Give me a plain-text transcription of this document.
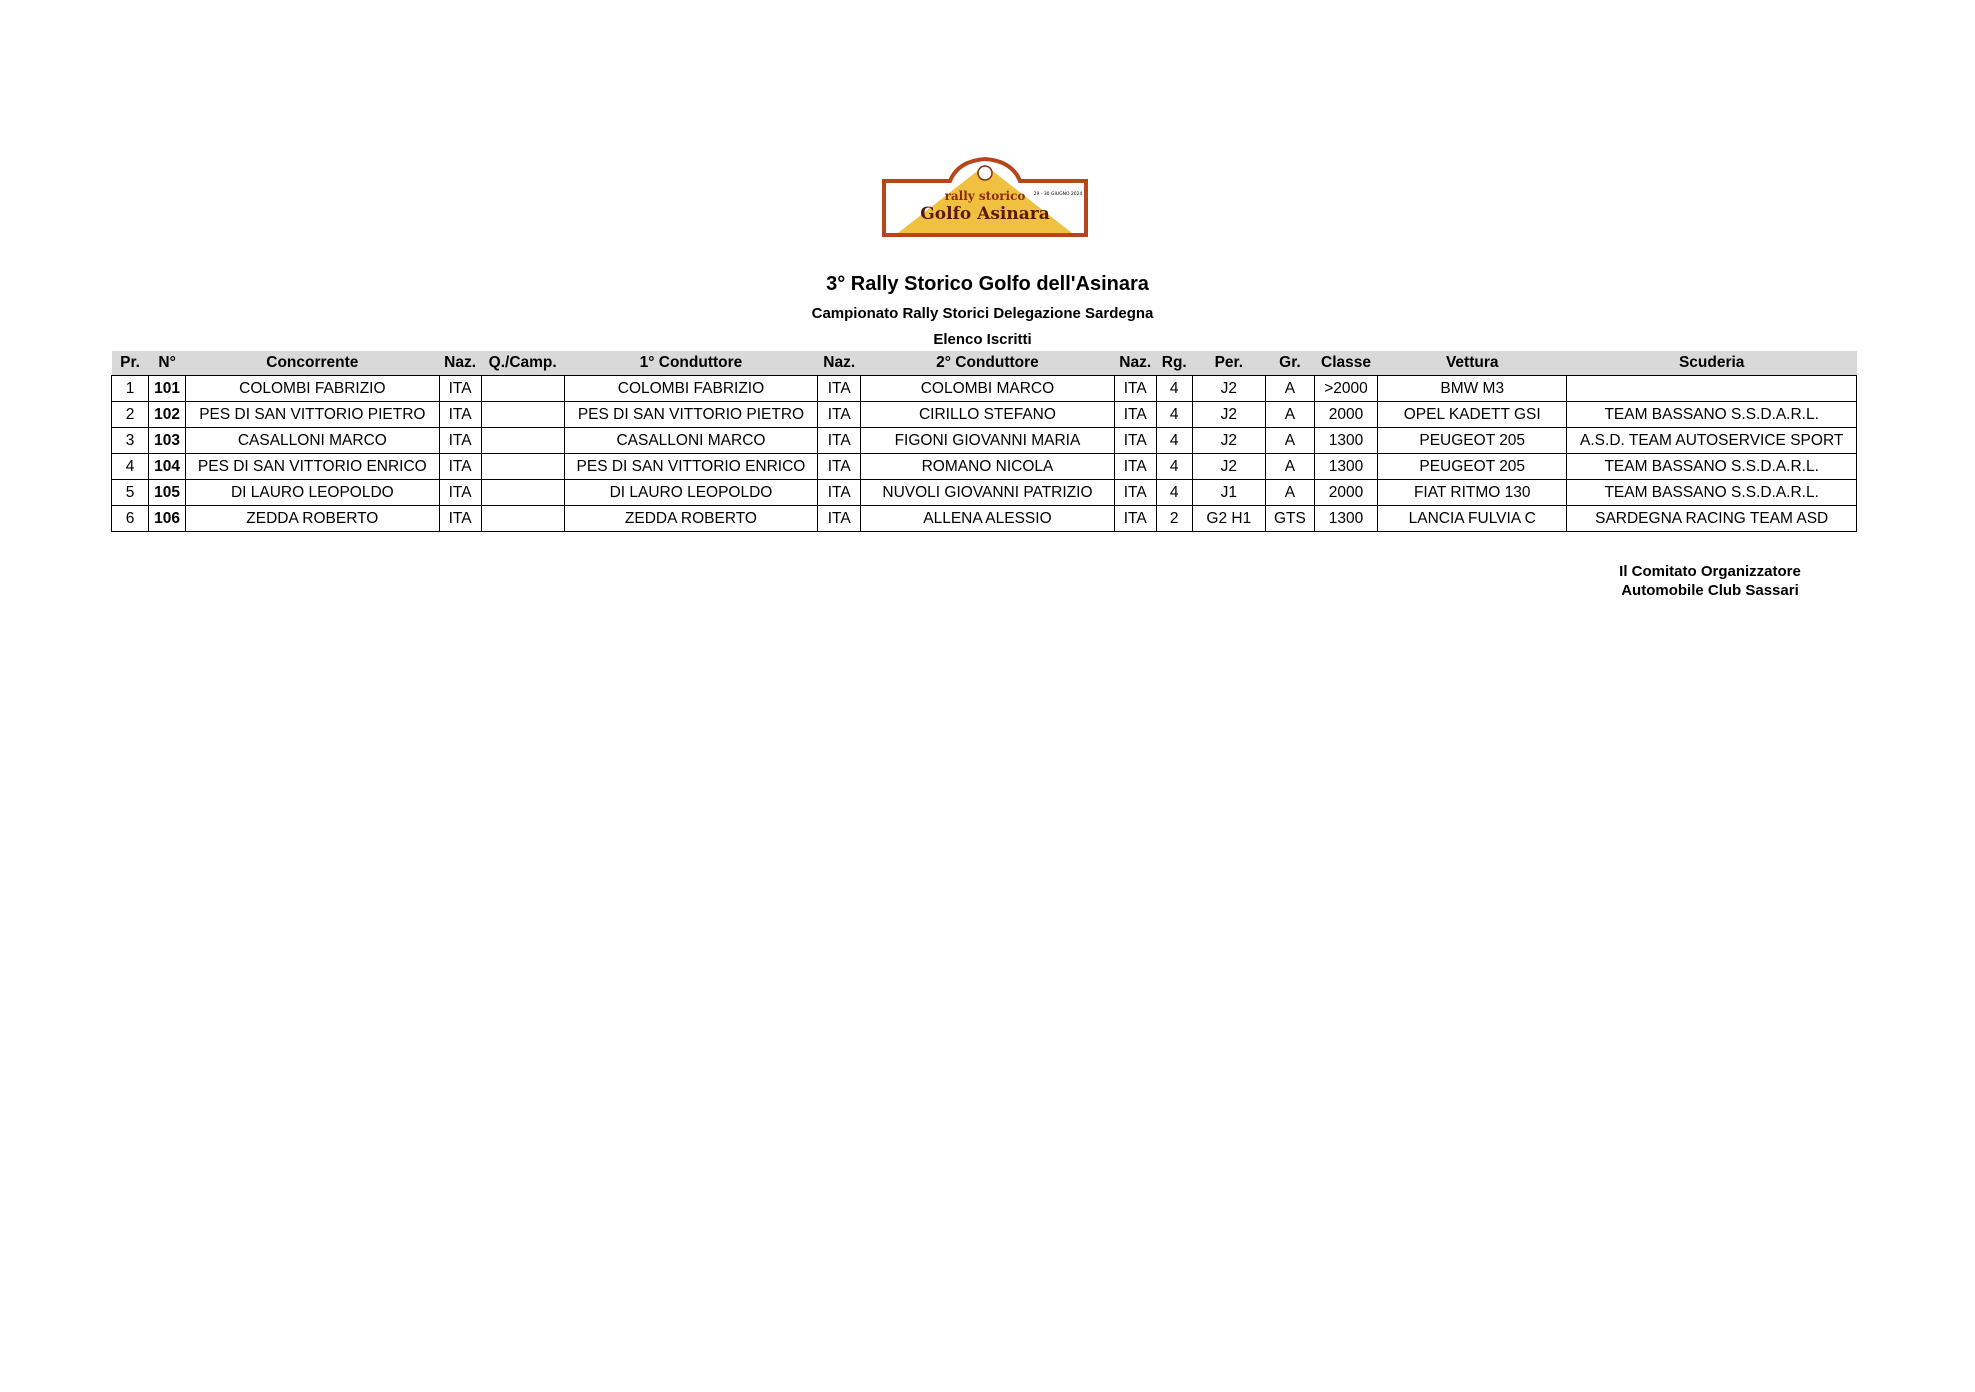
rally storico
Golfo Asinara
29 - 30 GIUGNO 2024
3° Rally Storico Golfo dell'Asinara
Campionato Rally Storici Delegazione Sardegna
Elenco Iscritti
Pr.	N°	Concorrente	Naz.	Q./Camp.	1° Conduttore	Naz.	2° Conduttore	Naz.	Rg.	Per.	Gr.	Classe	Vettura	Scuderia
1	101	COLOMBI FABRIZIO	ITA		COLOMBI FABRIZIO	ITA	COLOMBI MARCO	ITA	4	J2	A	>2000	BMW M3	
2	102	PES DI SAN VITTORIO PIETRO	ITA		PES DI SAN VITTORIO PIETRO	ITA	CIRILLO STEFANO	ITA	4	J2	A	2000	OPEL KADETT GSI	TEAM BASSANO S.S.D.A.R.L.
3	103	CASALLONI MARCO	ITA		CASALLONI MARCO	ITA	FIGONI GIOVANNI MARIA	ITA	4	J2	A	1300	PEUGEOT 205	A.S.D. TEAM AUTOSERVICE SPORT
4	104	PES DI SAN VITTORIO ENRICO	ITA		PES DI SAN VITTORIO ENRICO	ITA	ROMANO NICOLA	ITA	4	J2	A	1300	PEUGEOT 205	TEAM BASSANO S.S.D.A.R.L.
5	105	DI LAURO LEOPOLDO	ITA		DI LAURO LEOPOLDO	ITA	NUVOLI GIOVANNI PATRIZIO	ITA	4	J1	A	2000	FIAT RITMO 130	TEAM BASSANO S.S.D.A.R.L.
6	106	ZEDDA ROBERTO	ITA		ZEDDA ROBERTO	ITA	ALLENA ALESSIO	ITA	2	G2 H1	GTS	1300	LANCIA FULVIA C	SARDEGNA RACING TEAM ASD
Il Comitato Organizzatore
Automobile Club Sassari
